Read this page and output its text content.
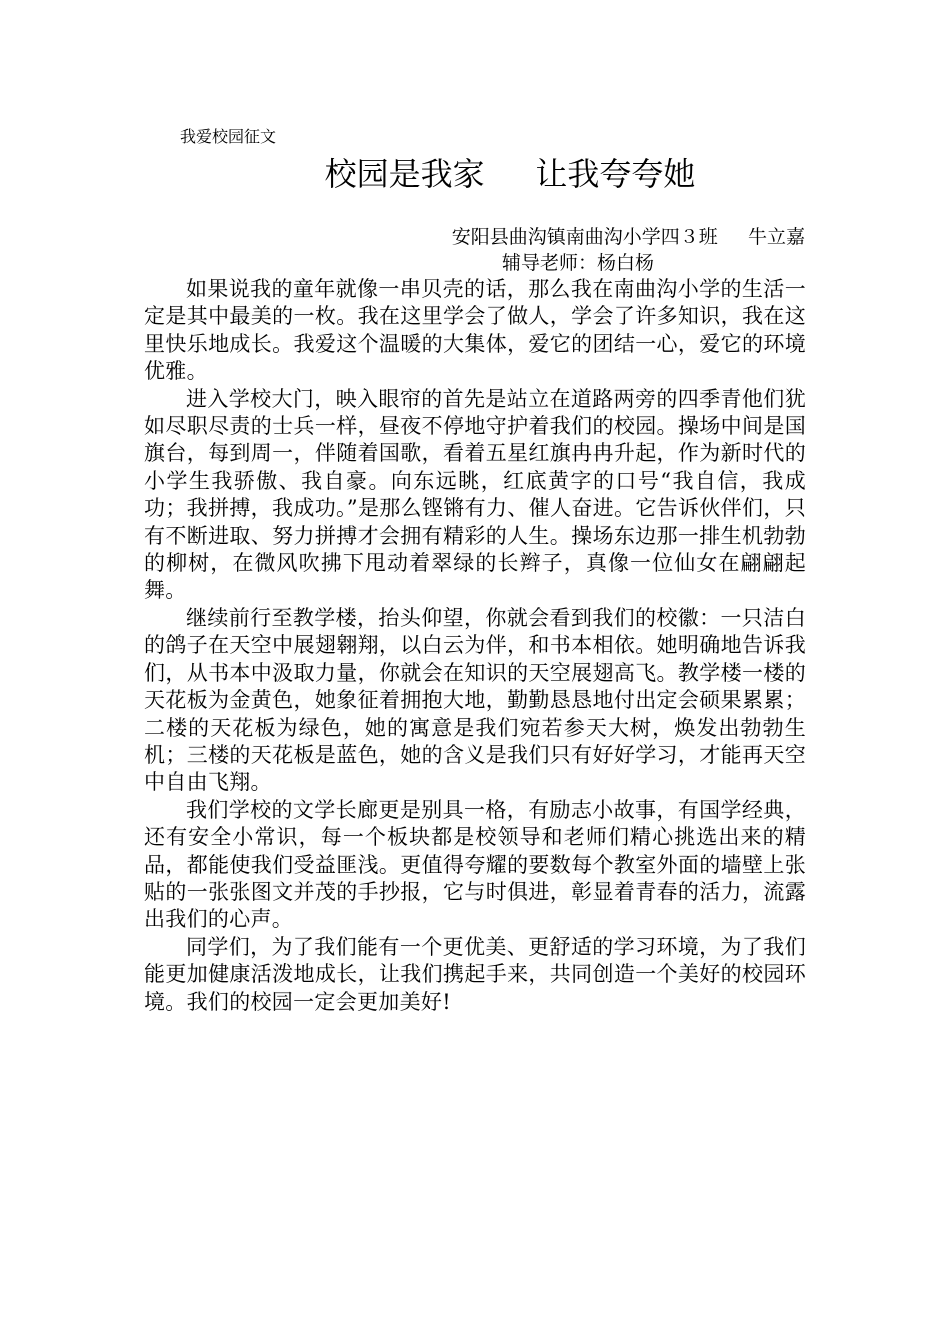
我爱校园征文
校园是我家     让我夸夸她
安阳县曲沟镇南曲沟小学四３班     牛立嘉
辅导老师：杨白杨

如果说我的童年就像一串贝壳的话，那么我在南曲沟小学的生活一定是其中最美的一枚。我在这里学会了做人，学会了许多知识，我在这里快乐地成长。我爱这个温暖的大集体，爱它的团结一心，爱它的环境优雅。

进入学校大门，映入眼帘的首先是站立在道路两旁的四季青他们犹如尽职尽责的士兵一样，昼夜不停地守护着我们的校园。操场中间是国旗台，每到周一，伴随着国歌，看着五星红旗冉冉升起，作为新时代的小学生我骄傲、我自豪。向东远眺，红底黄字的口号“我自信，我成功；我拼搏，我成功。”是那么铿锵有力、催人奋进。它告诉伙伴们，只有不断进取、努力拼搏才会拥有精彩的人生。操场东边那一排生机勃勃的柳树，在微风吹拂下甩动着翠绿的长辫子，真像一位仙女在翩翩起舞。

继续前行至教学楼，抬头仰望，你就会看到我们的校徽：一只洁白的鸽子在天空中展翅翱翔，以白云为伴，和书本相依。她明确地告诉我们，从书本中汲取力量，你就会在知识的天空展翅高飞。教学楼一楼的天花板为金黄色，她象征着拥抱大地，勤勤恳恳地付出定会硕果累累；二楼的天花板为绿色，她的寓意是我们宛若参天大树，焕发出勃勃生机；三楼的天花板是蓝色，她的含义是我们只有好好学习，才能再天空中自由飞翔。

我们学校的文学长廊更是别具一格，有励志小故事，有国学经典，还有安全小常识，每一个板块都是校领导和老师们精心挑选出来的精品，都能使我们受益匪浅。更值得夸耀的要数每个教室外面的墙壁上张贴的一张张图文并茂的手抄报，它与时俱进，彰显着青春的活力，流露出我们的心声。

同学们，为了我们能有一个更优美、更舒适的学习环境，为了我们能更加健康活泼地成长，让我们携起手来，共同创造一个美好的校园环境。我们的校园一定会更加美好!
